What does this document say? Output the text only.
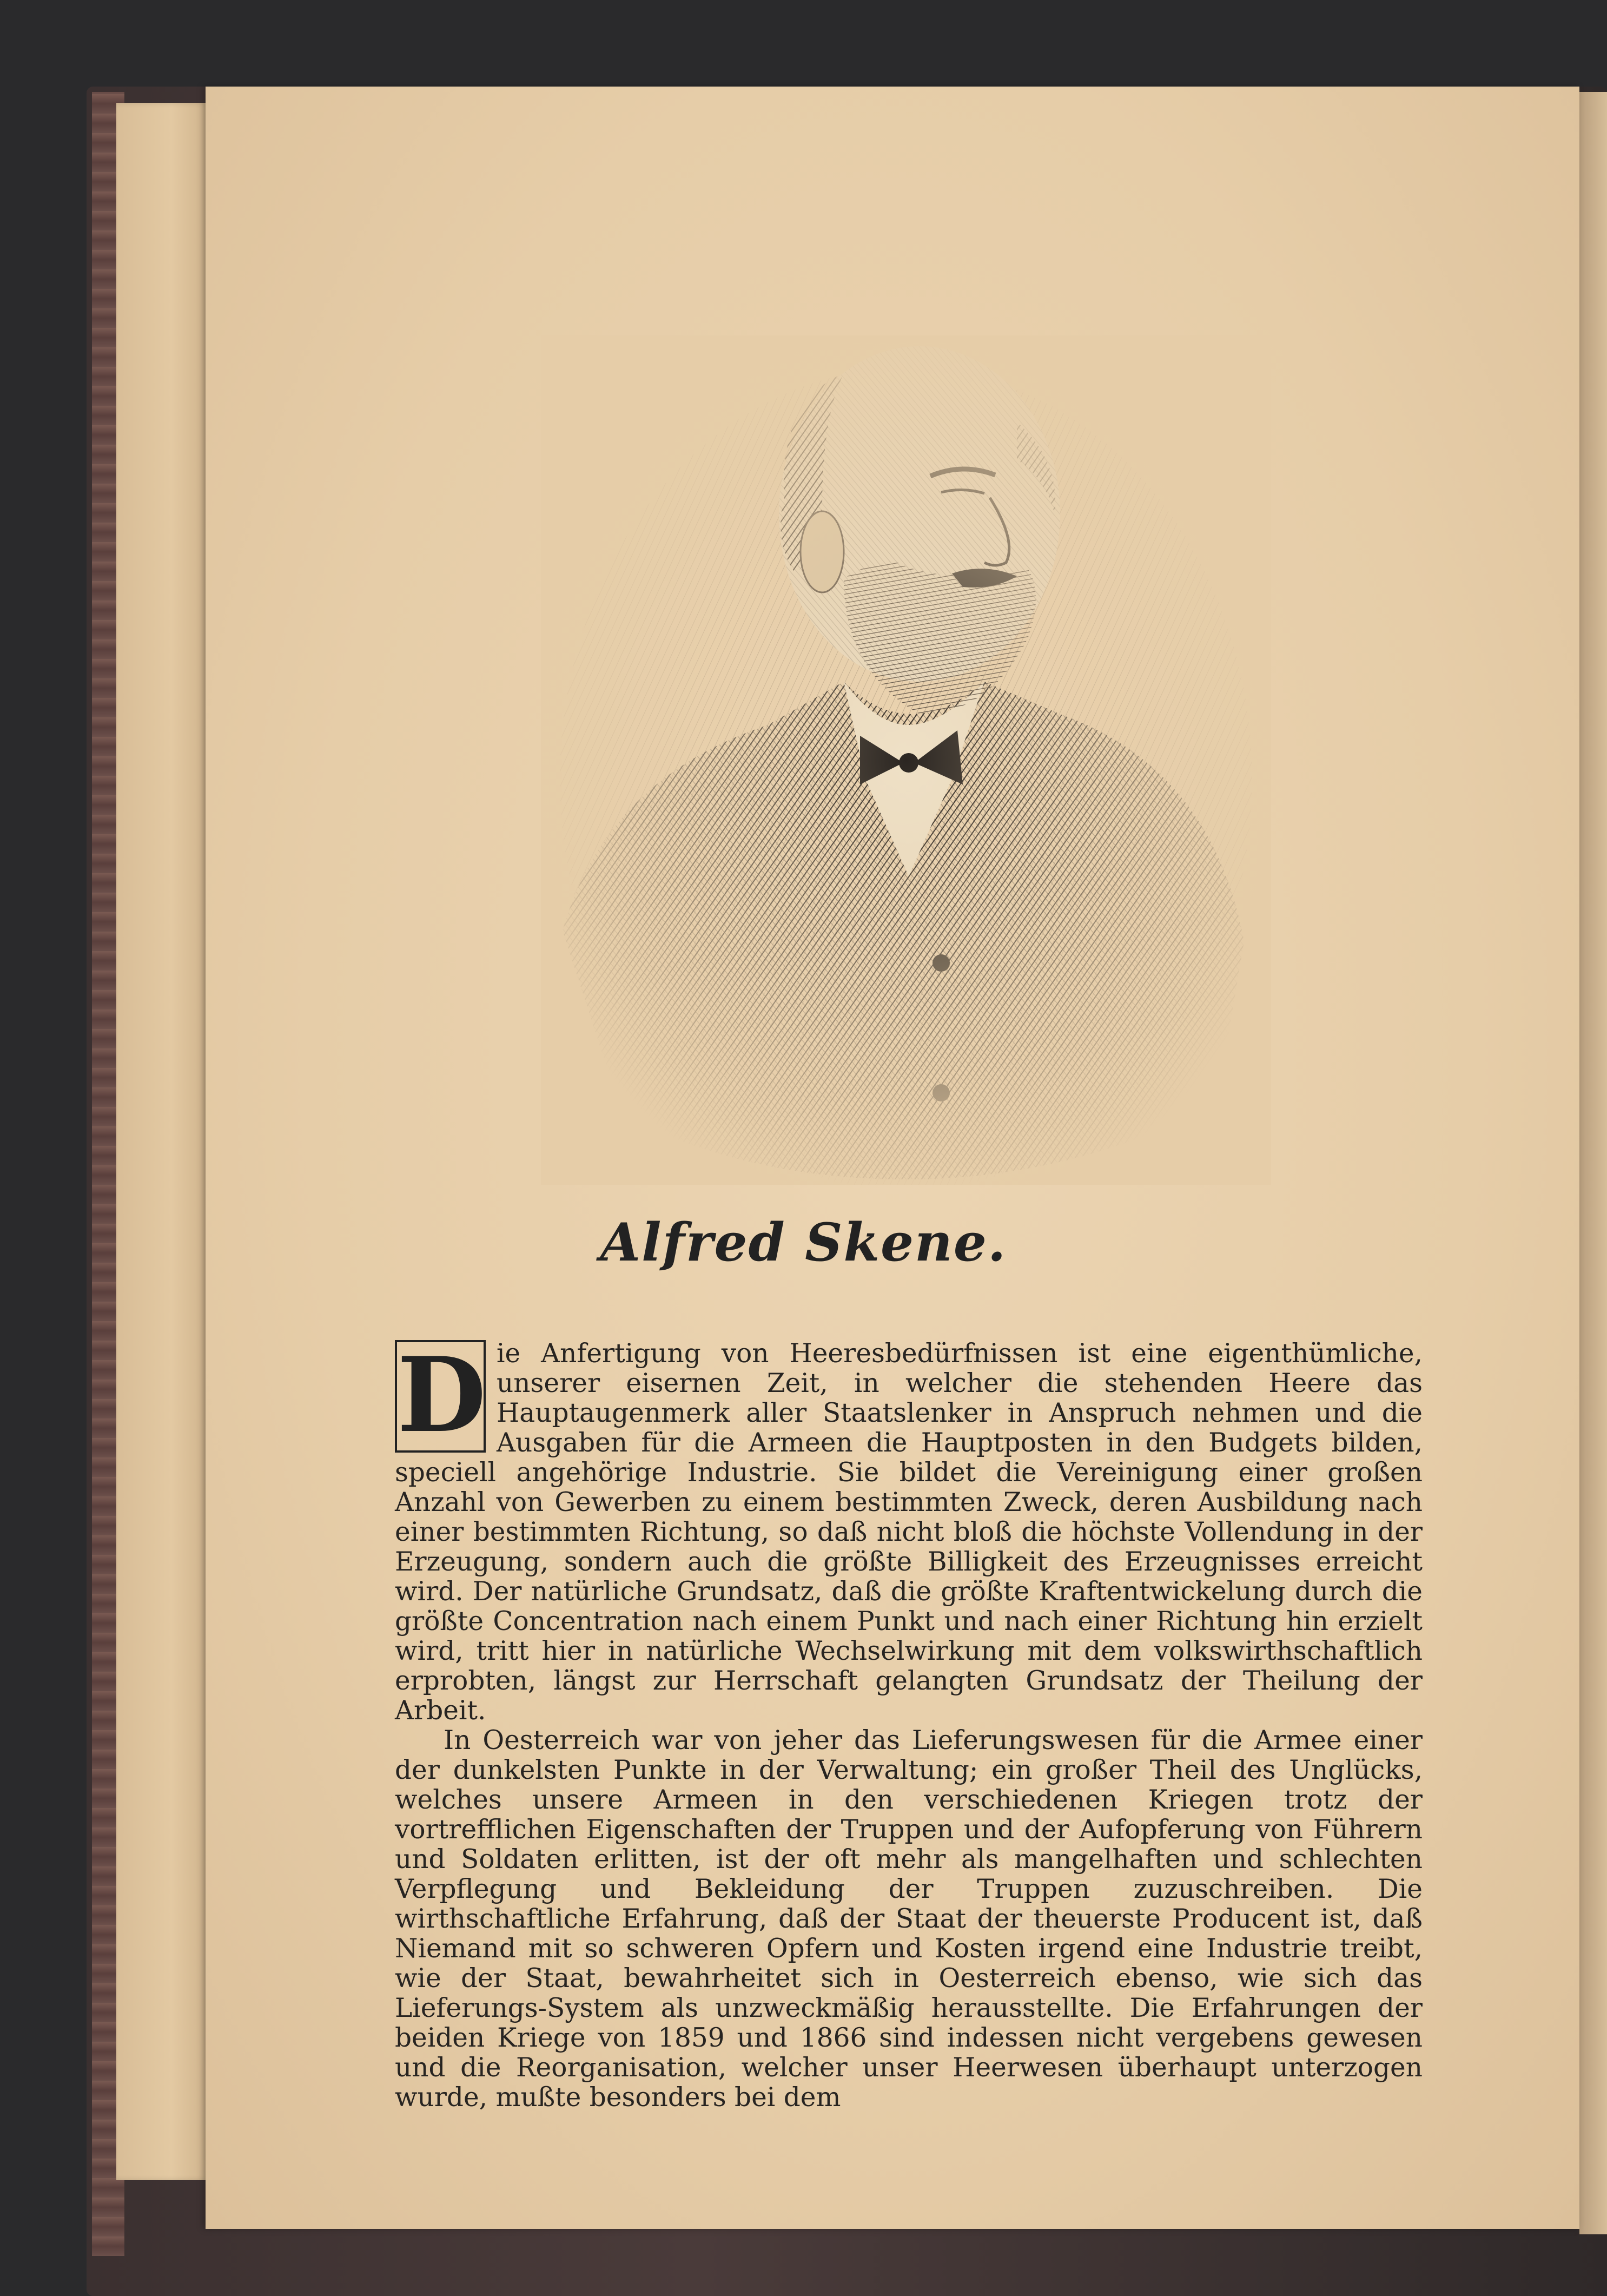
Alfred Skene.

D ie Anfertigung von Heeresbedürfnissen ist eine eigenthümliche, unserer eisernen Zeit, in welcher die stehenden Heere das Hauptaugenmerk aller Staatslenker in Anspruch nehmen und die Ausgaben für die Armeen die Hauptposten in den Budgets bilden, speciell angehörige Industrie. Sie bildet die Vereinigung einer großen Anzahl von Gewerben zu einem bestimmten Zweck, deren Ausbildung nach einer bestimmten Richtung, so daß nicht bloß die höchste Vollendung in der Erzeugung, sondern auch die größte Billigkeit des Erzeugnisses erreicht wird. Der natürliche Grundsatz, daß die größte Kraftentwickelung durch die größte Concentration nach einem Punkt und nach einer Richtung hin erzielt wird, tritt hier in natürliche Wechselwirkung mit dem volkswirthschaftlich erprobten, längst zur Herrschaft gelangten Grundsatz der Theilung der Arbeit.

In Oesterreich war von jeher das Lieferungswesen für die Armee einer der dunkelsten Punkte in der Verwaltung; ein großer Theil des Unglücks, welches unsere Armeen in den verschiedenen Kriegen trotz der vortrefflichen Eigenschaften der Truppen und der Aufopferung von Führern und Soldaten erlitten, ist der oft mehr als mangelhaften und schlechten Verpflegung und Bekleidung der Truppen zuzuschreiben. Die wirthschaftliche Erfahrung, daß der Staat der theuerste Producent ist, daß Niemand mit so schweren Opfern und Kosten irgend eine Industrie treibt, wie der Staat, bewahrheitet sich in Oesterreich ebenso, wie sich das Lieferungs-System als unzweckmäßig herausstellte. Die Erfahrungen der beiden Kriege von 1859 und 1866 sind indessen nicht vergebens gewesen und die Reorganisation, welcher unser Heerwesen überhaupt unterzogen wurde, mußte besonders bei dem
